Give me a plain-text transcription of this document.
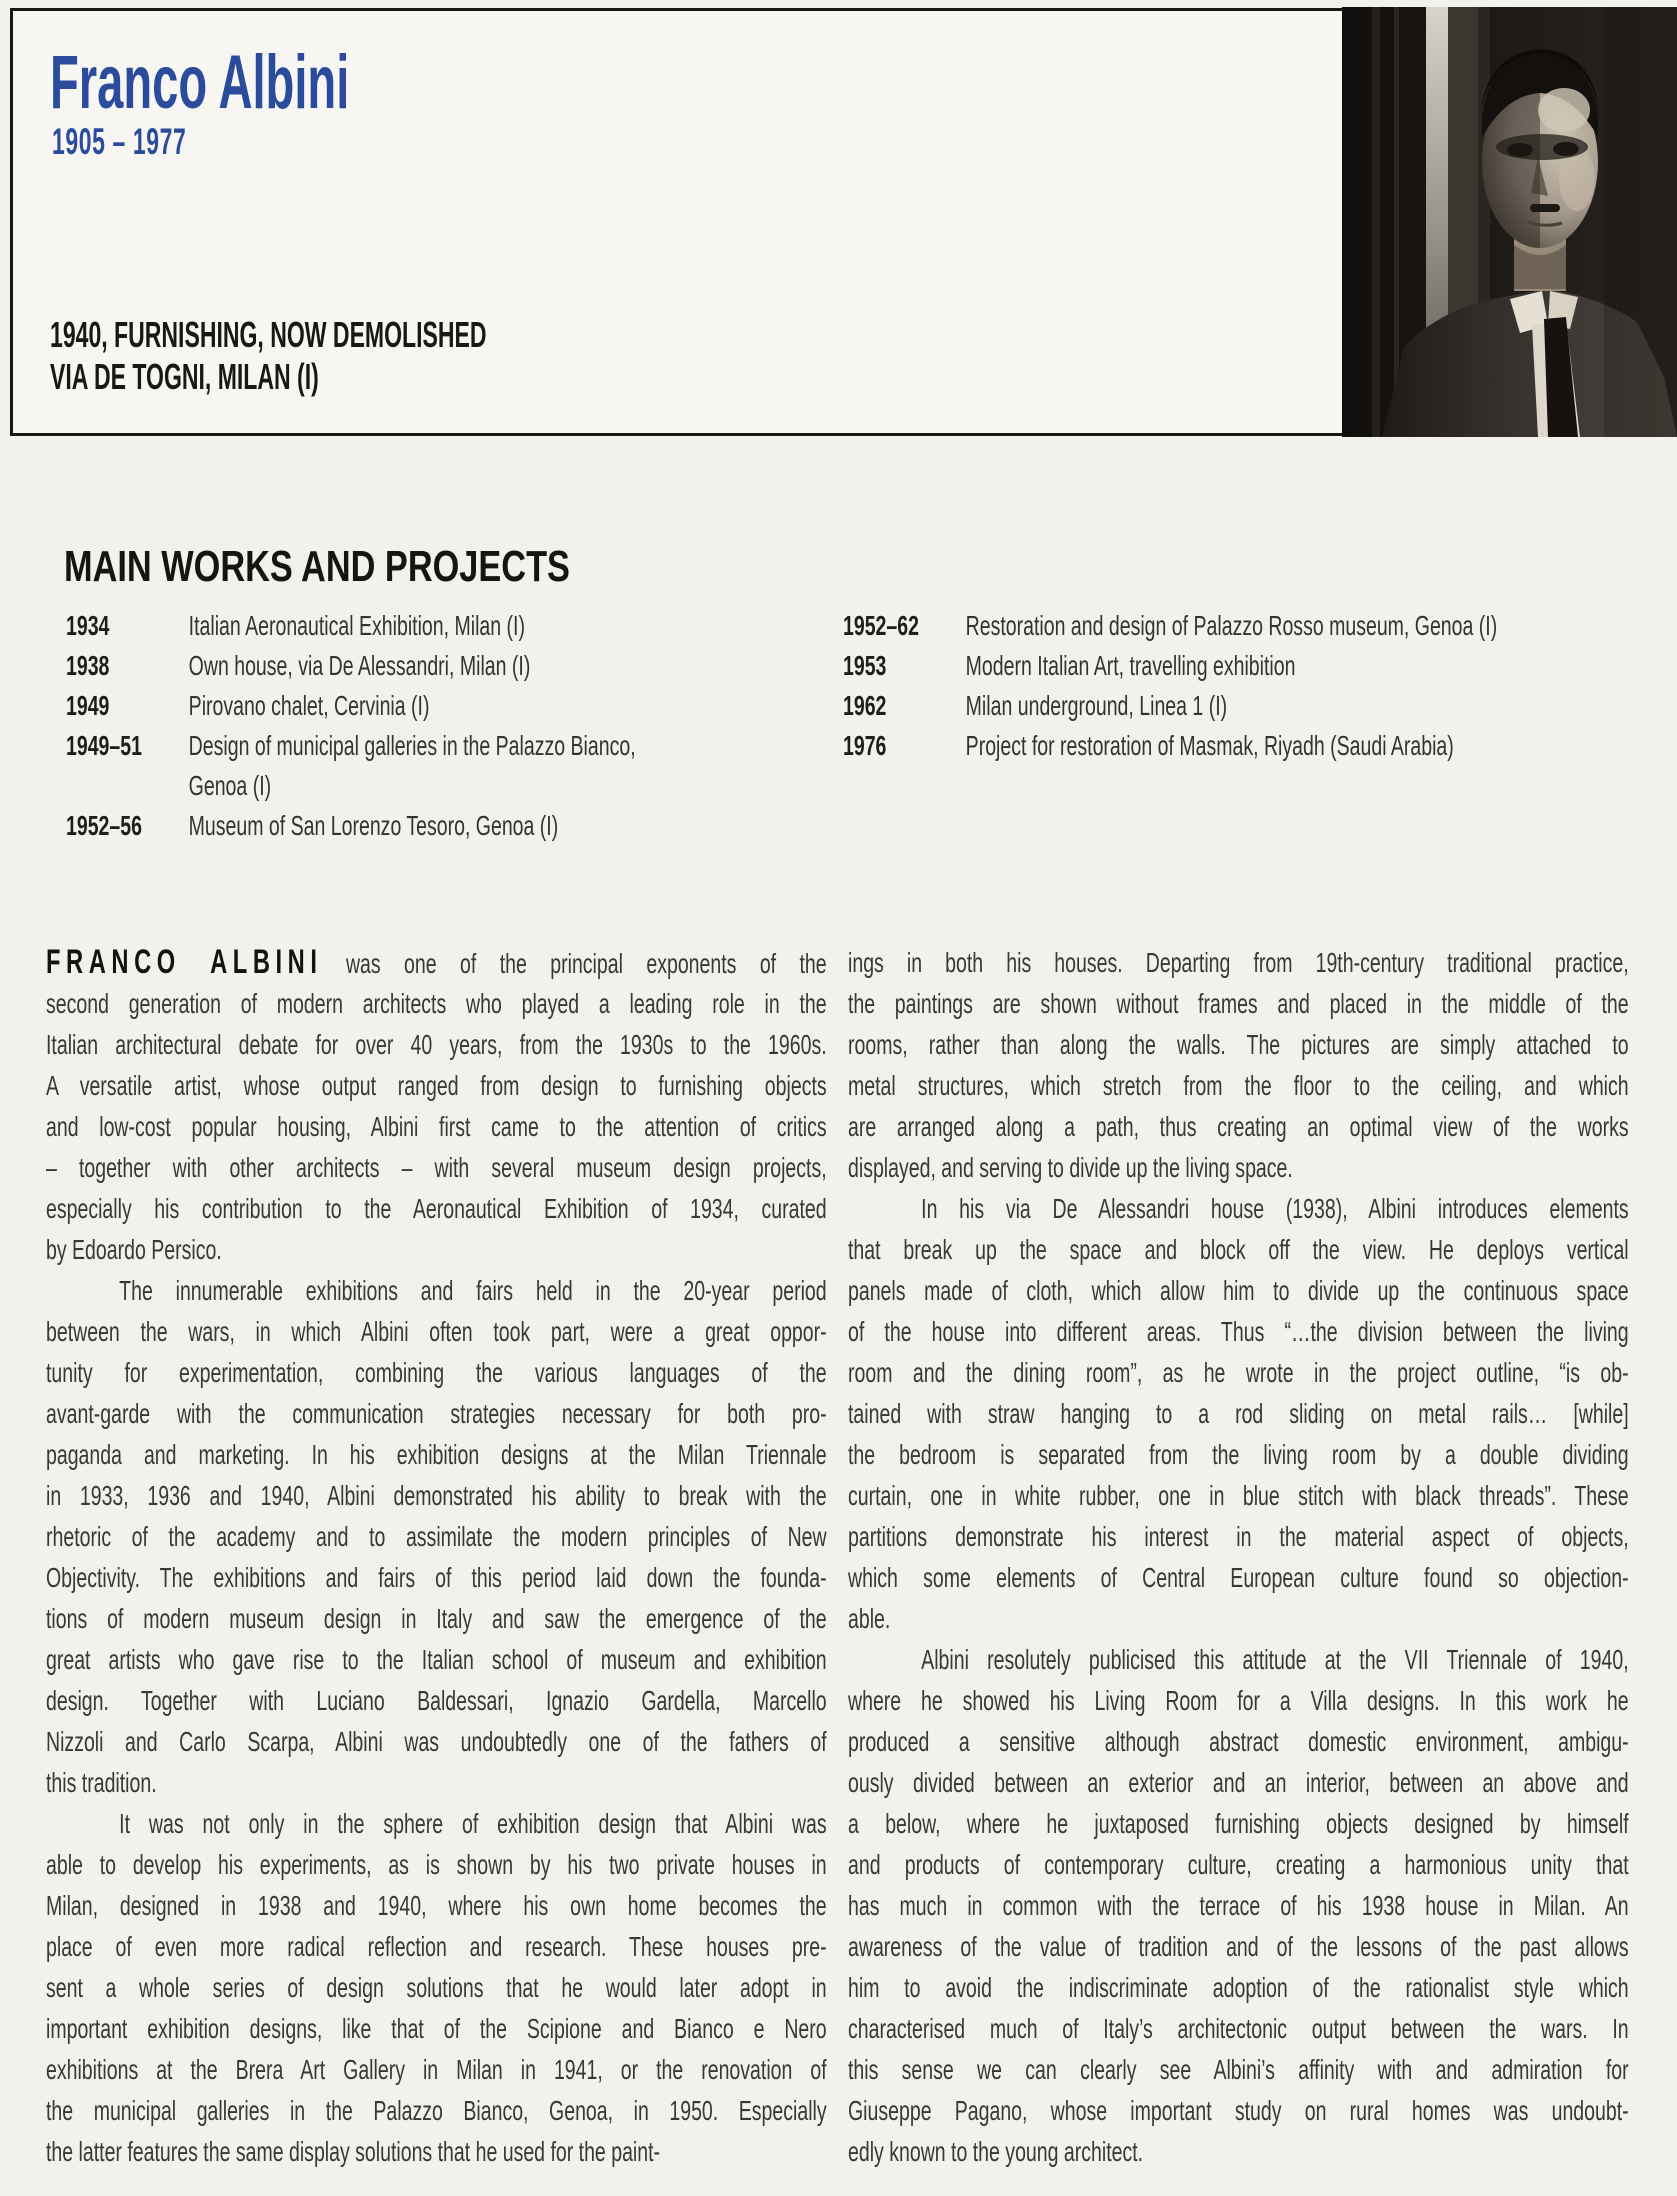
Franco Albini
1905 – 1977
1940, FURNISHING, NOW DEMOLISHED
VIA DE TOGNI, MILAN (I)
MAIN WORKS AND PROJECTS
1934	Italian Aeronautical Exhibition, Milan (I)
1938	Own house, via De Alessandri, Milan (I)
1949	Pirovano chalet, Cervinia (I)
1949–51	Design of municipal galleries in the Palazzo Bianco,
Genoa (I)
1952–56	Museum of San Lorenzo Tesoro, Genoa (I)
1952–62	Restoration and design of Palazzo Rosso museum, Genoa (I)
1953	Modern Italian Art, travelling exhibition
1962	Milan underground, Linea 1 (I)
1976	Project for restoration of Masmak, Riyadh (Saudi Arabia)
FRANCO ALBINI was one of the principal exponents of the
second generation of modern architects who played a leading role in the
Italian architectural debate for over 40 years, from the 1930s to the 1960s.
A versatile artist, whose output ranged from design to furnishing objects
and low-cost popular housing, Albini first came to the attention of critics
– together with other architects – with several museum design projects,
especially his contribution to the Aeronautical Exhibition of 1934, curated
by Edoardo Persico.
The innumerable exhibitions and fairs held in the 20-year period
between the wars, in which Albini often took part, were a great oppor-
tunity for experimentation, combining the various languages of the
avant-garde with the communication strategies necessary for both pro-
paganda and marketing. In his exhibition designs at the Milan Triennale
in 1933, 1936 and 1940, Albini demonstrated his ability to break with the
rhetoric of the academy and to assimilate the modern principles of New
Objectivity. The exhibitions and fairs of this period laid down the founda-
tions of modern museum design in Italy and saw the emergence of the
great artists who gave rise to the Italian school of museum and exhibition
design. Together with Luciano Baldessari, Ignazio Gardella, Marcello
Nizzoli and Carlo Scarpa, Albini was undoubtedly one of the fathers of
this tradition.
It was not only in the sphere of exhibition design that Albini was
able to develop his experiments, as is shown by his two private houses in
Milan, designed in 1938 and 1940, where his own home becomes the
place of even more radical reflection and research. These houses pre-
sent a whole series of design solutions that he would later adopt in
important exhibition designs, like that of the Scipione and Bianco e Nero
exhibitions at the Brera Art Gallery in Milan in 1941, or the renovation of
the municipal galleries in the Palazzo Bianco, Genoa, in 1950. Especially
the latter features the same display solutions that he used for the paint-
ings in both his houses. Departing from 19th-century traditional practice,
the paintings are shown without frames and placed in the middle of the
rooms, rather than along the walls. The pictures are simply attached to
metal structures, which stretch from the floor to the ceiling, and which
are arranged along a path, thus creating an optimal view of the works
displayed, and serving to divide up the living space.
In his via De Alessandri house (1938), Albini introduces elements
that break up the space and block off the view. He deploys vertical
panels made of cloth, which allow him to divide up the continuous space
of the house into different areas. Thus “…the division between the living
room and the dining room”, as he wrote in the project outline, “is ob-
tained with straw hanging to a rod sliding on metal rails… [while]
the bedroom is separated from the living room by a double dividing
curtain, one in white rubber, one in blue stitch with black threads”. These
partitions demonstrate his interest in the material aspect of objects,
which some elements of Central European culture found so objection-
able.
Albini resolutely publicised this attitude at the VII Triennale of 1940,
where he showed his Living Room for a Villa designs. In this work he
produced a sensitive although abstract domestic environment, ambigu-
ously divided between an exterior and an interior, between an above and
a below, where he juxtaposed furnishing objects designed by himself
and products of contemporary culture, creating a harmonious unity that
has much in common with the terrace of his 1938 house in Milan. An
awareness of the value of tradition and of the lessons of the past allows
him to avoid the indiscriminate adoption of the rationalist style which
characterised much of Italy’s architectonic output between the wars. In
this sense we can clearly see Albini’s affinity with and admiration for
Giuseppe Pagano, whose important study on rural homes was undoubt-
edly known to the young architect.
